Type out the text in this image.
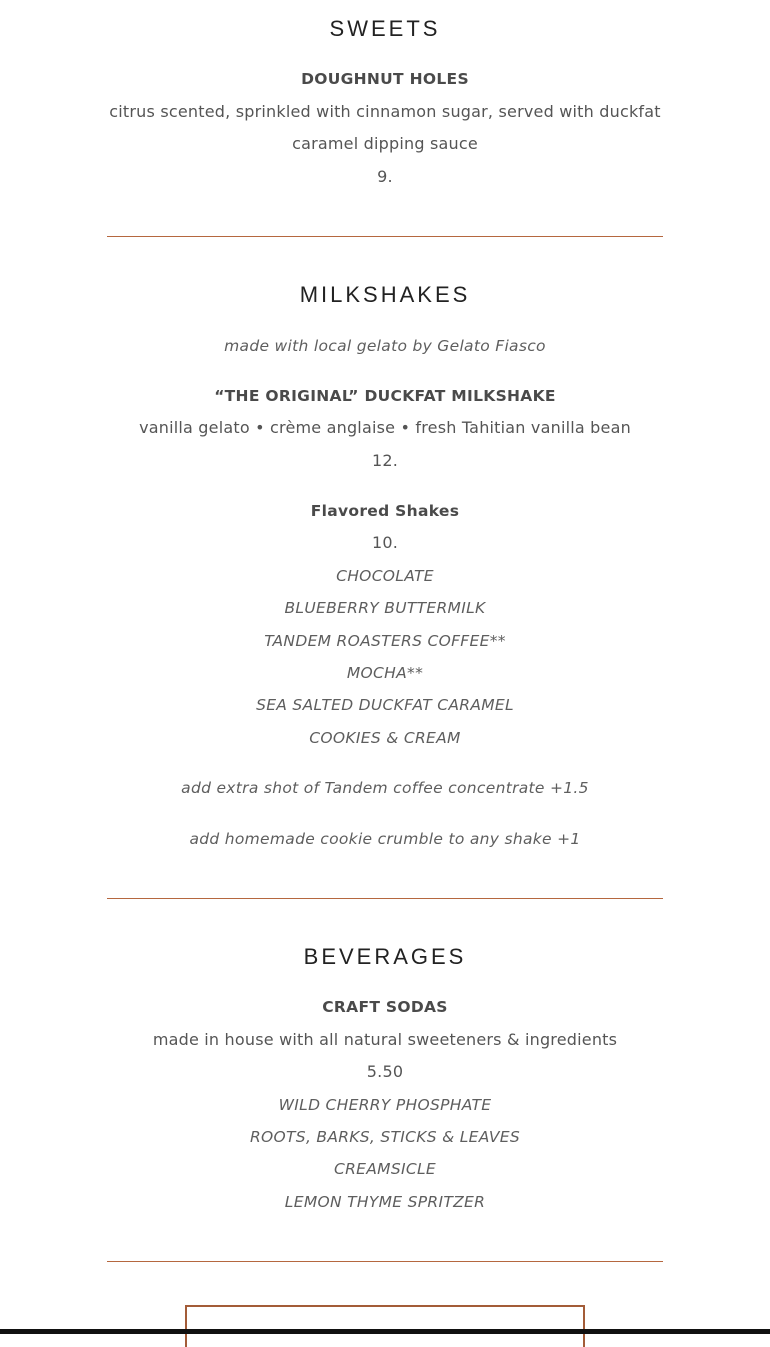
SWEETS
DOUGHNUT HOLES
citrus scented, sprinkled with cinnamon sugar, served with duckfat
caramel dipping sauce
9.
MILKSHAKES
made with local gelato by Gelato Fiasco
“THE ORIGINAL” DUCKFAT MILKSHAKE
vanilla gelato • crème anglaise • fresh Tahitian vanilla bean
12.
Flavored Shakes
10.
CHOCOLATE
BLUEBERRY BUTTERMILK
TANDEM ROASTERS COFFEE**
MOCHA**
SEA SALTED DUCKFAT CARAMEL
COOKIES & CREAM
add extra shot of Tandem coffee concentrate +1.5
add homemade cookie crumble to any shake +1
BEVERAGES
CRAFT SODAS
made in house with all natural sweeteners & ingredients
5.50
WILD CHERRY PHOSPHATE
ROOTS, BARKS, STICKS & LEAVES
CREAMSICLE
LEMON THYME SPRITZER
